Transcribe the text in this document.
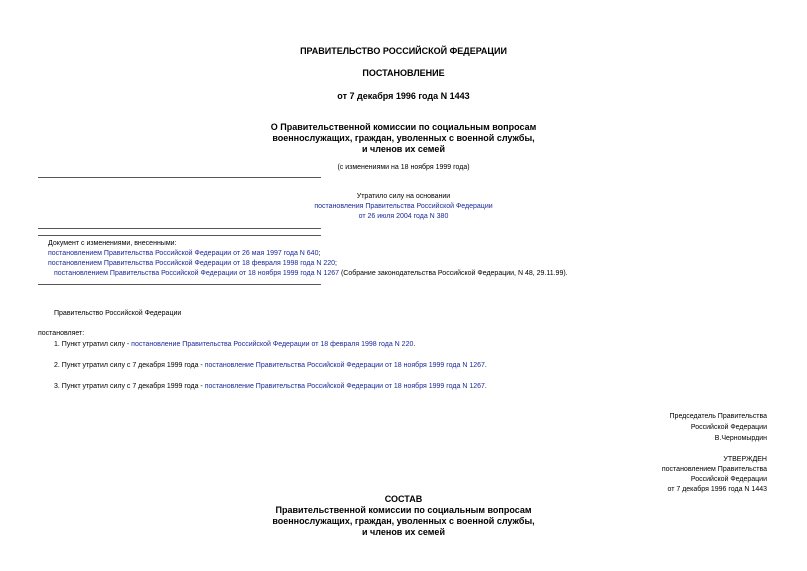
ПРАВИТЕЛЬСТВО РОССИЙСКОЙ ФЕДЕРАЦИИ
ПОСТАНОВЛЕНИЕ
от 7 декабря 1996 года N 1443
О Правительственной комиссии по социальным вопросам
военнослужащих, граждан, уволенных с военной службы,
и членов их семей
(с изменениями на 18 ноября 1999 года)
Утратило силу на основании
постановления Правительства Российской Федерации
от 26 июля 2004 года N 380
Документ с изменениями, внесенными:
постановлением Правительства Российской Федерации от 26 мая 1997 года N 640;
постановлением Правительства Российской Федерации от 18 февраля 1998 года N 220;
постановлением Правительства Российской Федерации от 18 ноября 1999 года N 1267 (Собрание законодательства Российской Федерации, N 48, 29.11.99).
Правительство Российской Федерации
постановляет:
1. Пункт утратил силу - постановление Правительства Российской Федерации от 18 февраля 1998 года N 220.
2. Пункт утратил силу с 7 декабря 1999 года - постановление Правительства Российской Федерации от 18 ноября 1999 года N 1267.
3. Пункт утратил силу с 7 декабря 1999 года - постановление Правительства Российской Федерации от 18 ноября 1999 года N 1267.
Председатель Правительства
Российской Федерации
В.Черномырдин
УТВЕРЖДЕН
постановлением Правительства
Российской Федерации
от 7 декабря 1996 года N 1443
СОСТАВ
Правительственной комиссии по социальным вопросам
военнослужащих, граждан, уволенных с военной службы,
и членов их семей
